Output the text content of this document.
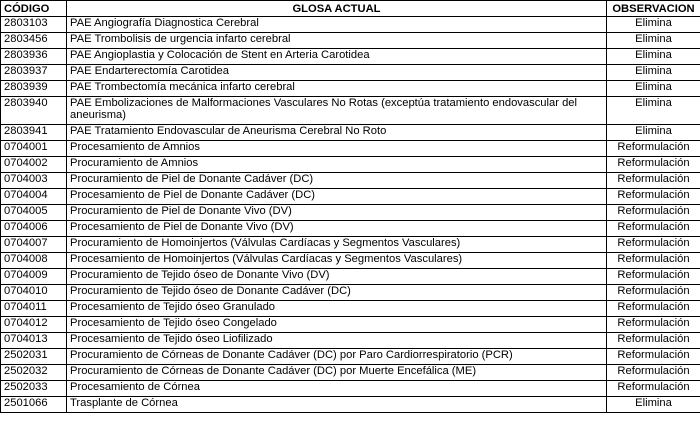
CÓDIGO	GLOSA ACTUAL	OBSERVACION
2803103	PAE Angiografía Diagnostica Cerebral	Elimina
2803456	PAE Trombolisis de urgencia infarto cerebral	Elimina
2803936	PAE Angioplastia y Colocación de Stent en Arteria Carotidea	Elimina
2803937	PAE Endarterectomía Carotidea	Elimina
2803939	PAE Trombectomía mecánica infarto cerebral	Elimina
2803940	PAE Embolizaciones de Malformaciones Vasculares No Rotas (exceptúa tratamiento endovascular del aneurisma)	Elimina
2803941	PAE Tratamiento Endovascular de Aneurisma Cerebral No Roto	Elimina
0704001	Procesamiento de Amnios	Reformulación
0704002	Procuramiento de Amnios	Reformulación
0704003	Procuramiento de Piel de Donante Cadáver (DC)	Reformulación
0704004	Procesamiento de Piel de Donante Cadáver (DC)	Reformulación
0704005	Procuramiento de Piel de Donante Vivo (DV)	Reformulación
0704006	Procesamiento de Piel de Donante Vivo (DV)	Reformulación
0704007	Procuramiento de Homoinjertos (Válvulas Cardíacas y Segmentos Vasculares)	Reformulación
0704008	Procesamiento de Homoinjertos (Válvulas Cardíacas y Segmentos Vasculares)	Reformulación
0704009	Procuramiento de Tejido óseo de Donante Vivo (DV)	Reformulación
0704010	Procuramiento de Tejido óseo de Donante Cadáver (DC)	Reformulación
0704011	Procesamiento de Tejido óseo Granulado	Reformulación
0704012	Procesamiento de Tejido óseo Congelado	Reformulación
0704013	Procesamiento de Tejido óseo Liofilizado	Reformulación
2502031	Procuramiento de Córneas de Donante Cadáver (DC) por Paro Cardiorrespiratorio (PCR)	Reformulación
2502032	Procuramiento de Córneas de Donante Cadáver (DC) por Muerte Encefálica (ME)	Reformulación
2502033	Procesamiento de Córnea	Reformulación
2501066	Trasplante de Córnea	Elimina
